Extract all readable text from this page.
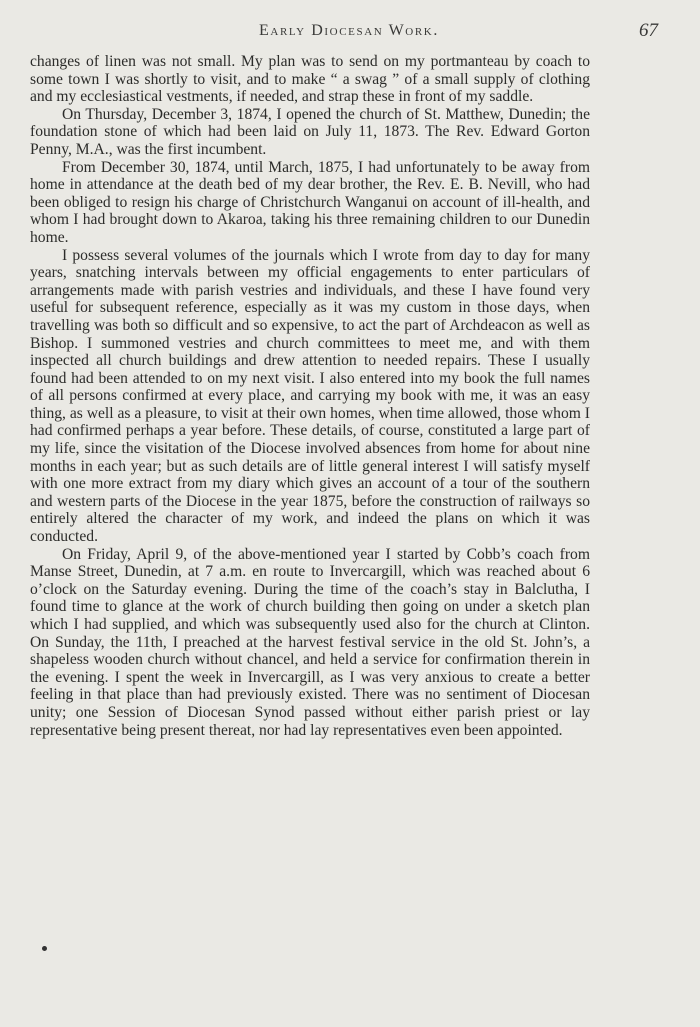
Early Diocesan Work.	67

changes of linen was not small. My plan was to send on my portmanteau by coach to some town I was shortly to visit, and to make “ a swag ” of a small supply of clothing and my ecclesiastical vestments, if needed, and strap these in front of my saddle.

On Thursday, December 3, 1874, I opened the church of St. Matthew, Dunedin; the foundation stone of which had been laid on July 11, 1873. The Rev. Edward Gorton Penny, M.A., was the first incumbent.

From December 30, 1874, until March, 1875, I had unfortunately to be away from home in attendance at the death bed of my dear brother, the Rev. E. B. Nevill, who had been obliged to resign his charge of Christchurch Wanganui on account of ill-health, and whom I had brought down to Akaroa, taking his three remaining children to our Dunedin home.

I possess several volumes of the journals which I wrote from day to day for many years, snatching intervals between my official engagements to enter particulars of arrangements made with parish vestries and individuals, and these I have found very useful for subsequent reference, especially as it was my custom in those days, when travelling was both so difficult and so expensive, to act the part of Archdeacon as well as Bishop. I summoned vestries and church committees to meet me, and with them inspected all church buildings and drew attention to needed repairs. These I usually found had been attended to on my next visit. I also entered into my book the full names of all persons confirmed at every place, and carrying my book with me, it was an easy thing, as well as a pleasure, to visit at their own homes, when time allowed, those whom I had confirmed perhaps a year before. These details, of course, constituted a large part of my life, since the visitation of the Diocese involved absences from home for about nine months in each year; but as such details are of little general interest I will satisfy myself with one more extract from my diary which gives an account of a tour of the southern and western parts of the Diocese in the year 1875, before the construction of railways so entirely altered the character of my work, and indeed the plans on which it was conducted.

On Friday, April 9, of the above-mentioned year I started by Cobb’s coach from Manse Street, Dunedin, at 7 a.m. en route to Invercargill, which was reached about 6 o’clock on the Saturday evening. During the time of the coach’s stay in Balclutha, I found time to glance at the work of church building then going on under a sketch plan which I had supplied, and which was subsequently used also for the church at Clinton. On Sunday, the 11th, I preached at the harvest festival service in the old St. John’s, a shapeless wooden church without chancel, and held a service for confirmation therein in the evening. I spent the week in Invercargill, as I was very anxious to create a better feeling in that place than had previously existed. There was no sentiment of Diocesan unity; one Session of Diocesan Synod passed without either parish priest or lay representative being present thereat, nor had lay representatives even been appointed.
